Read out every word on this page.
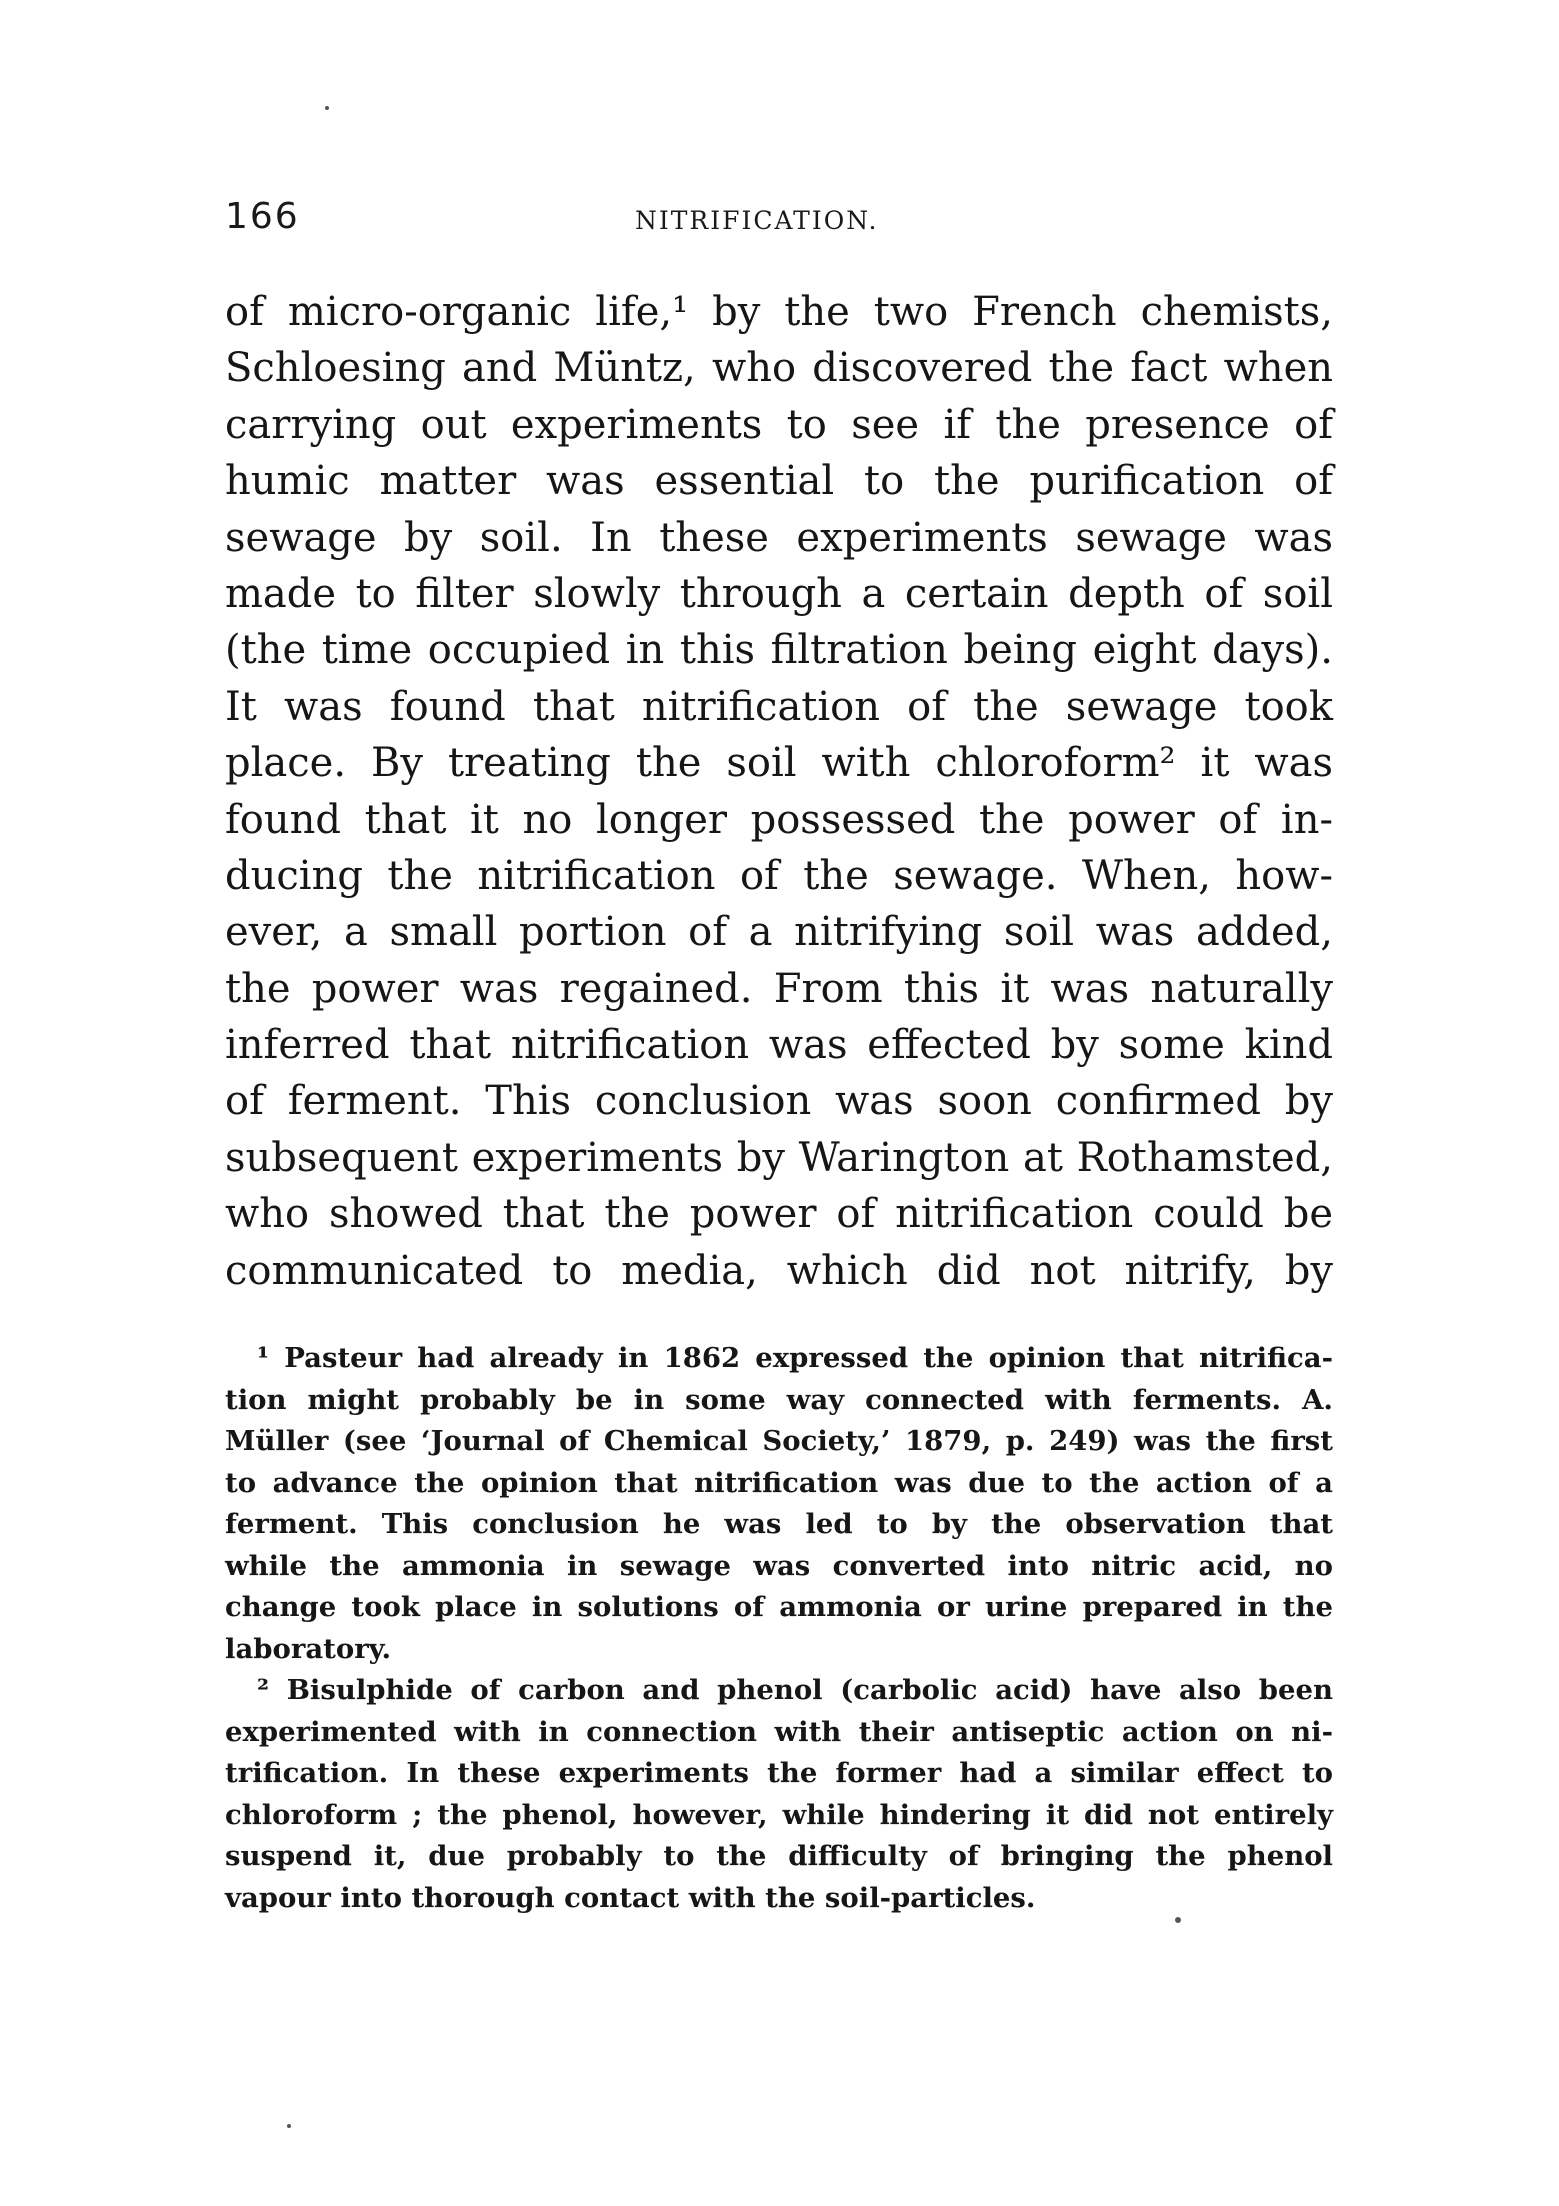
166	NITRIFICATION.
of micro-organic life,¹ by the two French chemists,
Schloesing and Müntz, who discovered the fact when
carrying out experiments to see if the presence of
humic matter was essential to the purification of
sewage by soil. In these experiments sewage was
made to filter slowly through a certain depth of soil
(the time occupied in this filtration being eight days).
It was found that nitrification of the sewage took
place. By treating the soil with chloroform² it was
found that it no longer possessed the power of in-
ducing the nitrification of the sewage. When, how-
ever, a small portion of a nitrifying soil was added,
the power was regained. From this it was naturally
inferred that nitrification was effected by some kind
of ferment. This conclusion was soon confirmed by
subsequent experiments by Warington at Rothamsted,
who showed that the power of nitrification could be
communicated to media, which did not nitrify, by
¹ Pasteur had already in 1862 expressed the opinion that nitrifica-
tion might probably be in some way connected with ferments. A.
Müller (see ‘Journal of Chemical Society,’ 1879, p. 249) was the first
to advance the opinion that nitrification was due to the action of a
ferment. This conclusion he was led to by the observation that
while the ammonia in sewage was converted into nitric acid, no
change took place in solutions of ammonia or urine prepared in the
laboratory.
² Bisulphide of carbon and phenol (carbolic acid) have also been
experimented with in connection with their antiseptic action on ni-
trification. In these experiments the former had a similar effect to
chloroform ; the phenol, however, while hindering it did not entirely
suspend it, due probably to the difficulty of bringing the phenol
vapour into thorough contact with the soil-particles.
